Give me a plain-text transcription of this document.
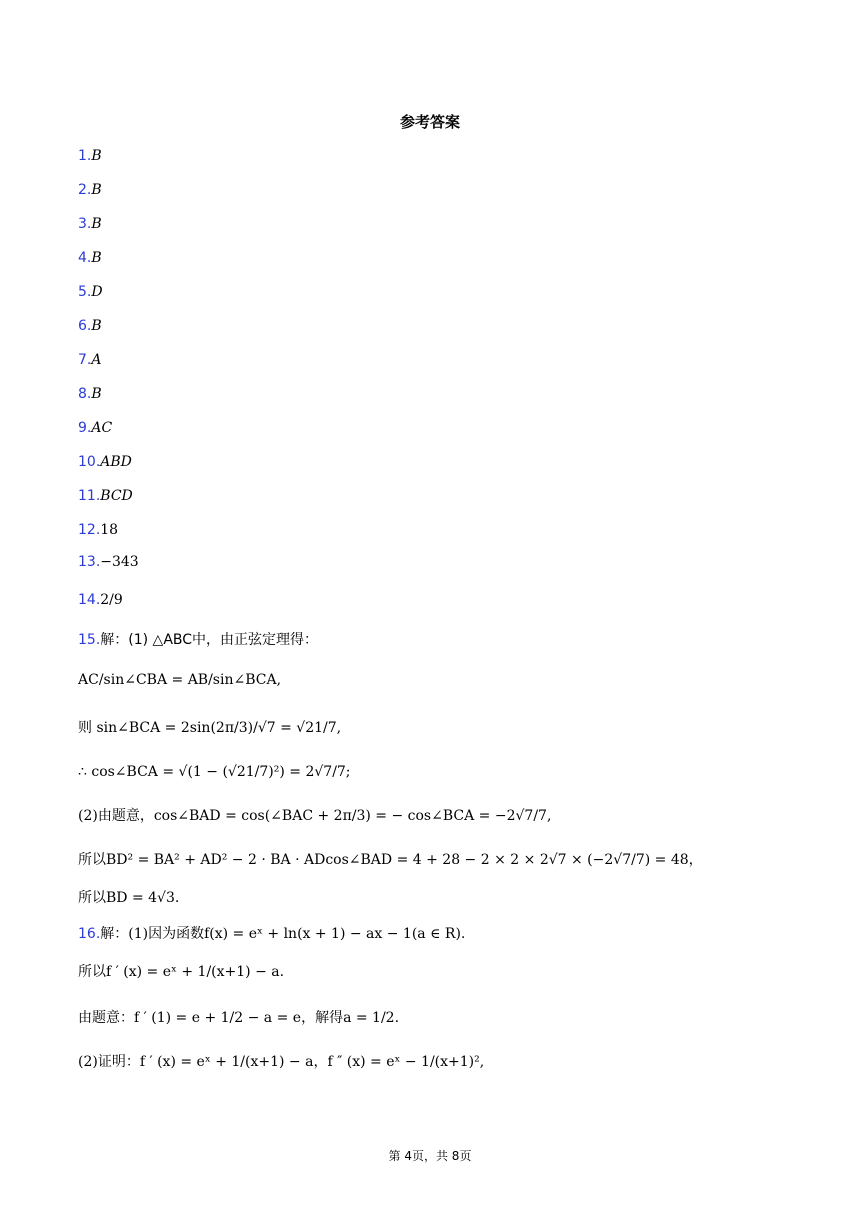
参考答案
1.B
2.B
3.B
4.B
5.D
6.B
7.A
8.B
9.AC
10.ABD
11.BCD
12.18
13.−343
14.2/9
15.解：(1) △ABC中，由正弦定理得：
AC/sin∠CBA = AB/sin∠BCA,
则 sin∠BCA = 2sin(2π/3)/√7 = √21/7,
∴ cos∠BCA = √(1 − (√21/7)²) = 2√7/7;
(2)由题意，cos∠BAD = cos(∠BAC + 2π/3) = − cos∠BCA = −2√7/7,
所以BD² = BA² + AD² − 2 · BA · ADcos∠BAD = 4 + 28 − 2 × 2 × 2√7 × (−2√7/7) = 48，
所以BD = 4√3.
16.解：(1)因为函数f(x) = eˣ + ln(x + 1) − ax − 1(a ∈ R).
所以f ′ (x) = eˣ + 1/(x+1) − a.
由题意：f ′ (1) = e + 1/2 − a = e，解得a = 1/2.
(2)证明：f ′ (x) = eˣ + 1/(x+1) − a，f ″ (x) = eˣ − 1/(x+1)²,
第 4页，共 8页
